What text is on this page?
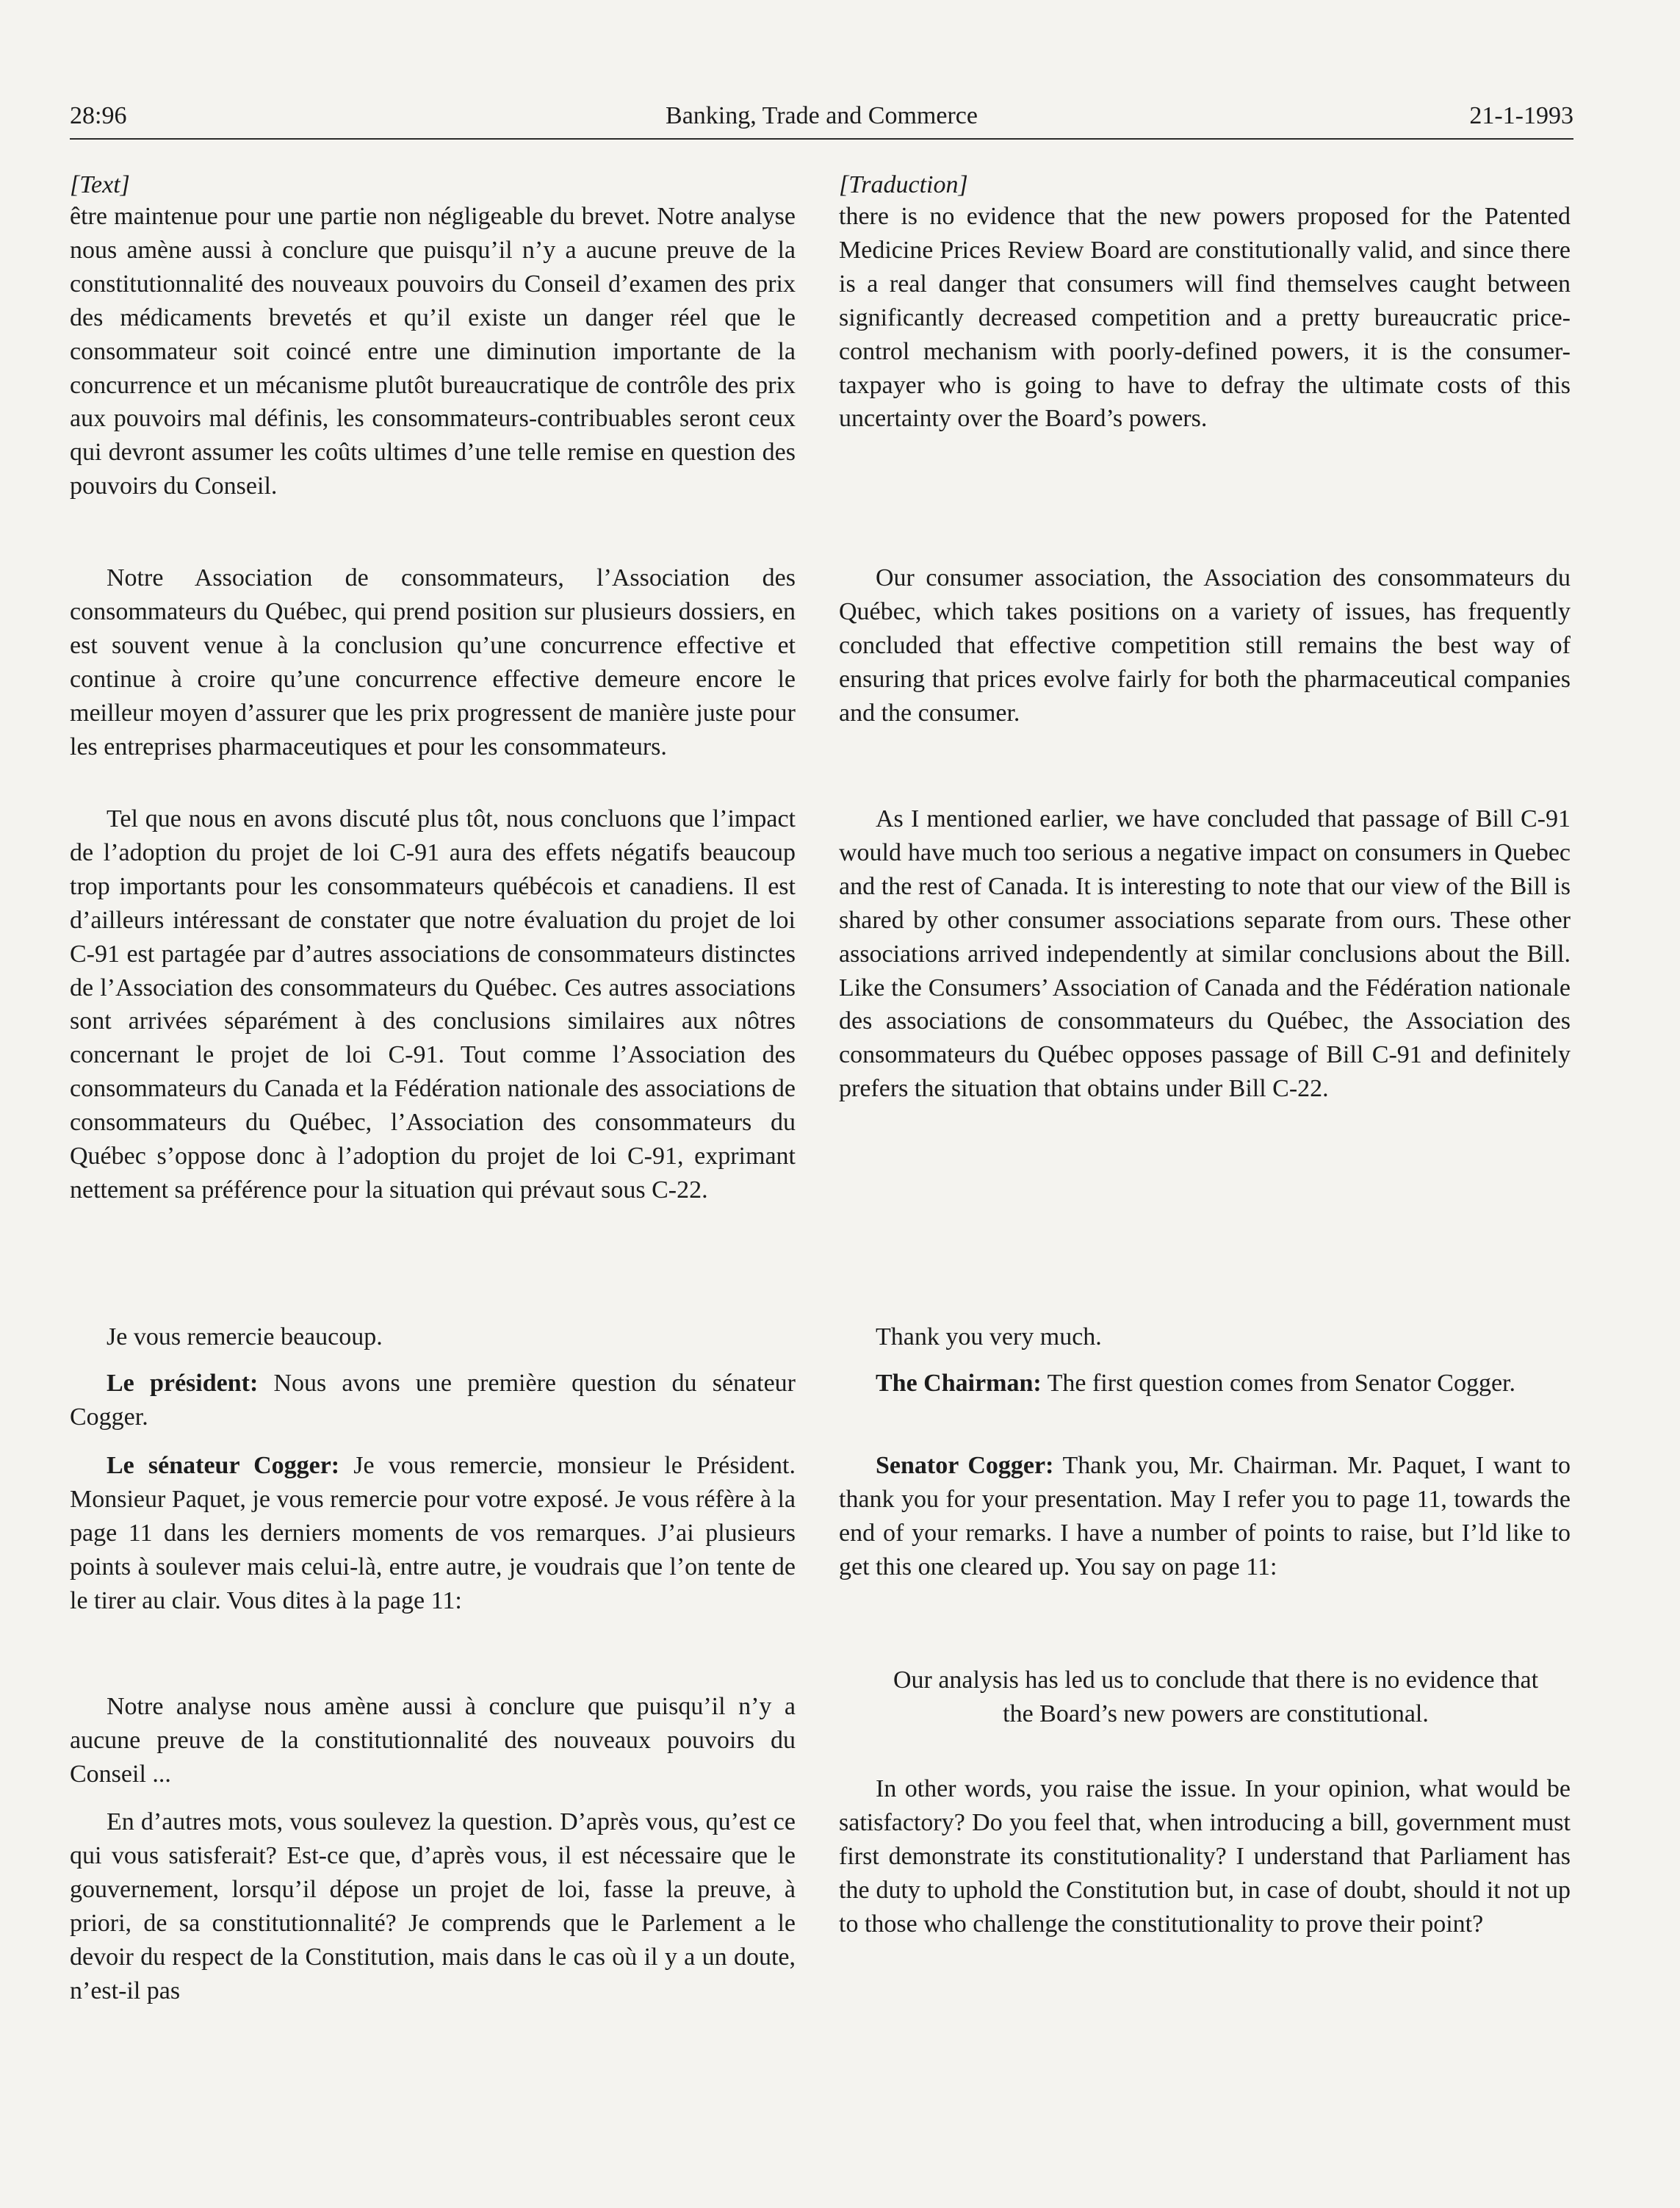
28:96	Banking, Trade and Commerce	21-1-1993

[Text]

être maintenue pour une partie non négligeable du brevet. Notre analyse nous amène aussi à conclure que puisqu’il n’y a aucune preuve de la constitutionnalité des nouveaux pouvoirs du Conseil d’examen des prix des médicaments brevetés et qu’il existe un danger réel que le consommateur soit coincé entre une diminution importante de la concurrence et un mécanisme plutôt bureaucratique de contrôle des prix aux pouvoirs mal définis, les consommateurs-contribuables seront ceux qui devront assumer les coûts ultimes d’une telle remise en question des pouvoirs du Conseil.

Notre Association de consommateurs, l’Association des consommateurs du Québec, qui prend position sur plusieurs dossiers, en est souvent venue à la conclusion qu’une concurrence effective et continue à croire qu’une concurrence effective demeure encore le meilleur moyen d’assurer que les prix progressent de manière juste pour les entreprises pharmaceutiques et pour les consommateurs.

Tel que nous en avons discuté plus tôt, nous concluons que l’impact de l’adoption du projet de loi C-91 aura des effets négatifs beaucoup trop importants pour les consommateurs québécois et canadiens. Il est d’ailleurs intéressant de constater que notre évaluation du projet de loi C-91 est partagée par d’autres associations de consommateurs distinctes de l’Association des consommateurs du Québec. Ces autres associations sont arrivées séparément à des conclusions similaires aux nôtres concernant le projet de loi C-91. Tout comme l’Association des consommateurs du Canada et la Fédération nationale des associations de consommateurs du Québec, l’Association des consommateurs du Québec s’oppose donc à l’adoption du projet de loi C-91, exprimant nettement sa préférence pour la situation qui prévaut sous C-22.

Je vous remercie beaucoup.

Le président: Nous avons une première question du sénateur Cogger.

Le sénateur Cogger: Je vous remercie, monsieur le Président. Monsieur Paquet, je vous remercie pour votre exposé. Je vous réfère à la page 11 dans les derniers moments de vos remarques. J’ai plusieurs points à soulever mais celui-là, entre autre, je voudrais que l’on tente de le tirer au clair. Vous dites à la page 11:

Notre analyse nous amène aussi à conclure que puisqu’il n’y a aucune preuve de la constitutionnalité des nouveaux pouvoirs du Conseil ...

En d’autres mots, vous soulevez la question. D’après vous, qu’est ce qui vous satisferait? Est-ce que, d’après vous, il est nécessaire que le gouvernement, lorsqu’il dépose un projet de loi, fasse la preuve, à priori, de sa constitutionnalité? Je comprends que le Parlement a le devoir du respect de la Constitution, mais dans le cas où il y a un doute, n’est-il pas

[Traduction]

there is no evidence that the new powers proposed for the Patented Medicine Prices Review Board are constitutionally valid, and since there is a real danger that consumers will find themselves caught between significantly decreased competition and a pretty bureaucratic price-control mechanism with poorly-defined powers, it is the consumer-taxpayer who is going to have to defray the ultimate costs of this uncertainty over the Board’s powers.

Our consumer association, the Association des consommateurs du Québec, which takes positions on a variety of issues, has frequently concluded that effective competition still remains the best way of ensuring that prices evolve fairly for both the pharmaceutical companies and the consumer.

As I mentioned earlier, we have concluded that passage of Bill C-91 would have much too serious a negative impact on consumers in Quebec and the rest of Canada. It is interesting to note that our view of the Bill is shared by other consumer associations separate from ours. These other associations arrived independently at similar conclusions about the Bill. Like the Consumers’ Association of Canada and the Fédération nationale des associations de consommateurs du Québec, the Association des consommateurs du Québec opposes passage of Bill C-91 and definitely prefers the situation that obtains under Bill C-22.

Thank you very much.

The Chairman: The first question comes from Senator Cogger.

Senator Cogger: Thank you, Mr. Chairman. Mr. Paquet, I want to thank you for your presentation. May I refer you to page 11, towards the end of your remarks. I have a number of points to raise, but I’ld like to get this one cleared up. You say on page 11:

Our analysis has led us to conclude that there is no evidence that the Board’s new powers are constitutional.

In other words, you raise the issue. In your opinion, what would be satisfactory? Do you feel that, when introducing a bill, government must first demonstrate its constitutionality? I understand that Parliament has the duty to uphold the Constitution but, in case of doubt, should it not up to those who challenge the constitutionality to prove their point?
